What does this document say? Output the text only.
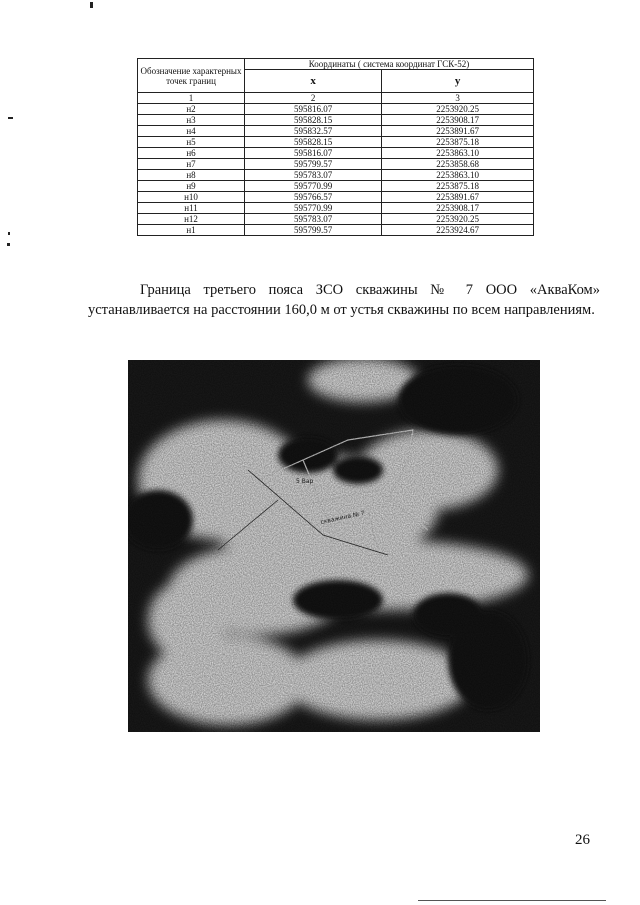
Обозначение характерных точек границ	Координаты ( система координат ГСК-52)	
	x	y
1	2	3
н2	595816.07	2253920.25
н3	595828.15	2253908.17
н4	595832.57	2253891.67
н5	595828.15	2253875.18
н6	595816.07	2253863.10
н7	595799.57	2253858.68
н8	595783.07	2253863.10
н9	595770.99	2253875.18
н10	595766.57	2253891.67
н11	595770.99	2253908.17
н12	595783.07	2253920.25
н1	595799.57	2253924.67

Граница третьего пояса ЗСО скважины № 7 ООО «АкваКом» устанавливается на расстоянии 160,0 м от устья скважины по всем направлениям.

5 Вар
скважина № 7
26
